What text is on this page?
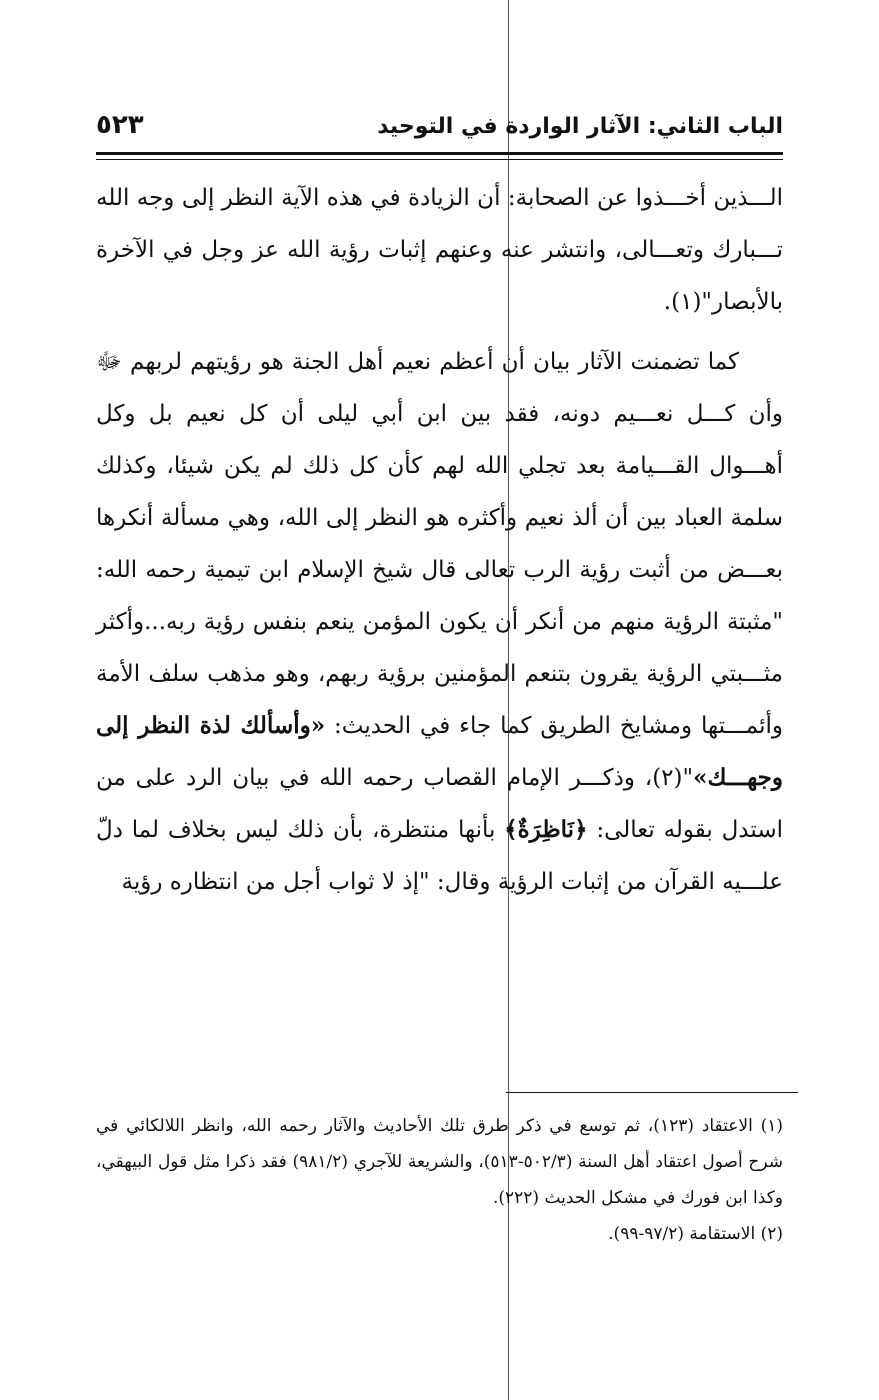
الباب الثاني: الآثار الواردة في التوحيد
٥٢٣

الـــذين أخـــذوا عن الصحابة: أن الزيادة في هذه الآية النظر إلى وجه الله تـــبارك وتعـــالى، وانتشر عنه وعنهم إثبات رؤية الله عز وجل في الآخرة بالأبصار"(١).

كما تضمنت الآثار بيان أن أعظم نعيم أهل الجنة هو رؤيتهم لربهم ﷻ وأن كـــل نعـــيم دونه، فقد بين ابن أبي ليلى أن كل نعيم بل وكل أهـــوال القـــيامة بعد تجلي الله لهم كأن كل ذلك لم يكن شيئا، وكذلك سلمة العباد بين أن ألذ نعيم وأكثره هو النظر إلى الله، وهي مسألة أنكرها بعـــض من أثبت رؤية الرب تعالى قال شيخ الإسلام ابن تيمية رحمه الله: "مثبتة الرؤية منهم من أنكر أن يكون المؤمن ينعم بنفس رؤية ربه...وأكثر مثـــبتي الرؤية يقرون بتنعم المؤمنين برؤية ربهم، وهو مذهب سلف الأمة وأئمـــتها ومشايخ الطريق كما جاء في الحديث: «وأسألك لذة النظر إلى وجهـــك»"(٢)، وذكـــر الإمام القصاب رحمه الله في بيان الرد على من استدل بقوله تعالى: ﴿نَاظِرَةٌ﴾ بأنها منتظرة، بأن ذلك ليس بخلاف لما دلّ علـــيه القرآن من إثبات الرؤية وقال: "إذ لا ثواب أجل من انتظاره رؤية

(١) الاعتقاد (١٢٣)، ثم توسع في ذكر طرق تلك الأحاديث والآثار رحمه الله، وانظر اللالكائي في شرح أصول اعتقاد أهل السنة (٥٠٢/٣-٥١٣)، والشريعة للآجري (٩٨١/٢) فقد ذكرا مثل قول البيهقي، وكذا ابن فورك في مشكل الحديث (٢٢٢).

(٢) الاستقامة (٩٧/٢-٩٩).
